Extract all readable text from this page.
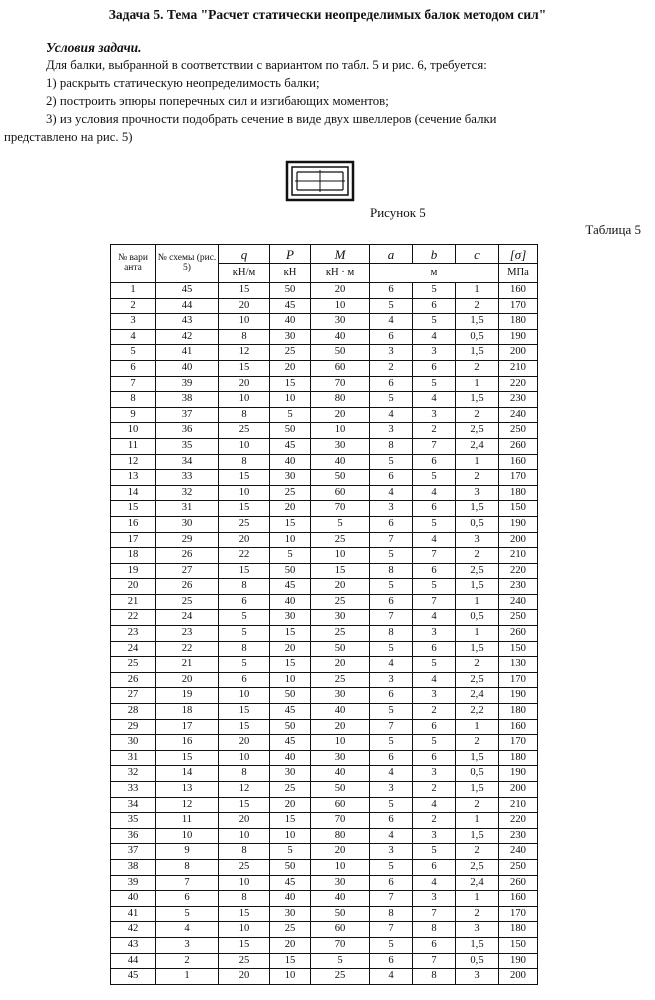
Задача 5. Тема "Расчет статически неопределимых балок методом сил"
Условия задачи.
Для балки, выбранной в соответствии с вариантом по табл. 5 и рис. 6, требуется:
1) раскрыть статическую неопределимость балки;
2) построить эпюры поперечных сил и изгибающих моментов;
3) из условия прочности подобрать сечение в виде двух швеллеров (сечение балки
представлено на рис. 5)
Рисунок 5
Таблица 5
№ вари анта	№ схемы (рис. 5)	q	P	M	a	b	c	[σ]
		кН/м	кН	кН · м	м			МПа
1	45	15	50	20	6	5	1	160
2	44	20	45	10	5	6	2	170
3	43	10	40	30	4	5	1,5	180
4	42	8	30	40	6	4	0,5	190
5	41	12	25	50	3	3	1,5	200
6	40	15	20	60	2	6	2	210
7	39	20	15	70	6	5	1	220
8	38	10	10	80	5	4	1,5	230
9	37	8	5	20	4	3	2	240
10	36	25	50	10	3	2	2,5	250
11	35	10	45	30	8	7	2,4	260
12	34	8	40	40	5	6	1	160
13	33	15	30	50	6	5	2	170
14	32	10	25	60	4	4	3	180
15	31	15	20	70	3	6	1,5	150
16	30	25	15	5	6	5	0,5	190
17	29	20	10	25	7	4	3	200
18	26	22	5	10	5	7	2	210
19	27	15	50	15	8	6	2,5	220
20	26	8	45	20	5	5	1,5	230
21	25	6	40	25	6	7	1	240
22	24	5	30	30	7	4	0,5	250
23	23	5	15	25	8	3	1	260
24	22	8	20	50	5	6	1,5	150
25	21	5	15	20	4	5	2	130
26	20	6	10	25	3	4	2,5	170
27	19	10	50	30	6	3	2,4	190
28	18	15	45	40	5	2	2,2	180
29	17	15	50	20	7	6	1	160
30	16	20	45	10	5	5	2	170
31	15	10	40	30	6	6	1,5	180
32	14	8	30	40	4	3	0,5	190
33	13	12	25	50	3	2	1,5	200
34	12	15	20	60	5	4	2	210
35	11	20	15	70	6	2	1	220
36	10	10	10	80	4	3	1,5	230
37	9	8	5	20	3	5	2	240
38	8	25	50	10	5	6	2,5	250
39	7	10	45	30	6	4	2,4	260
40	6	8	40	40	7	3	1	160
41	5	15	30	50	8	7	2	170
42	4	10	25	60	7	8	3	180
43	3	15	20	70	5	6	1,5	150
44	2	25	15	5	6	7	0,5	190
45	1	20	10	25	4	8	3	200
